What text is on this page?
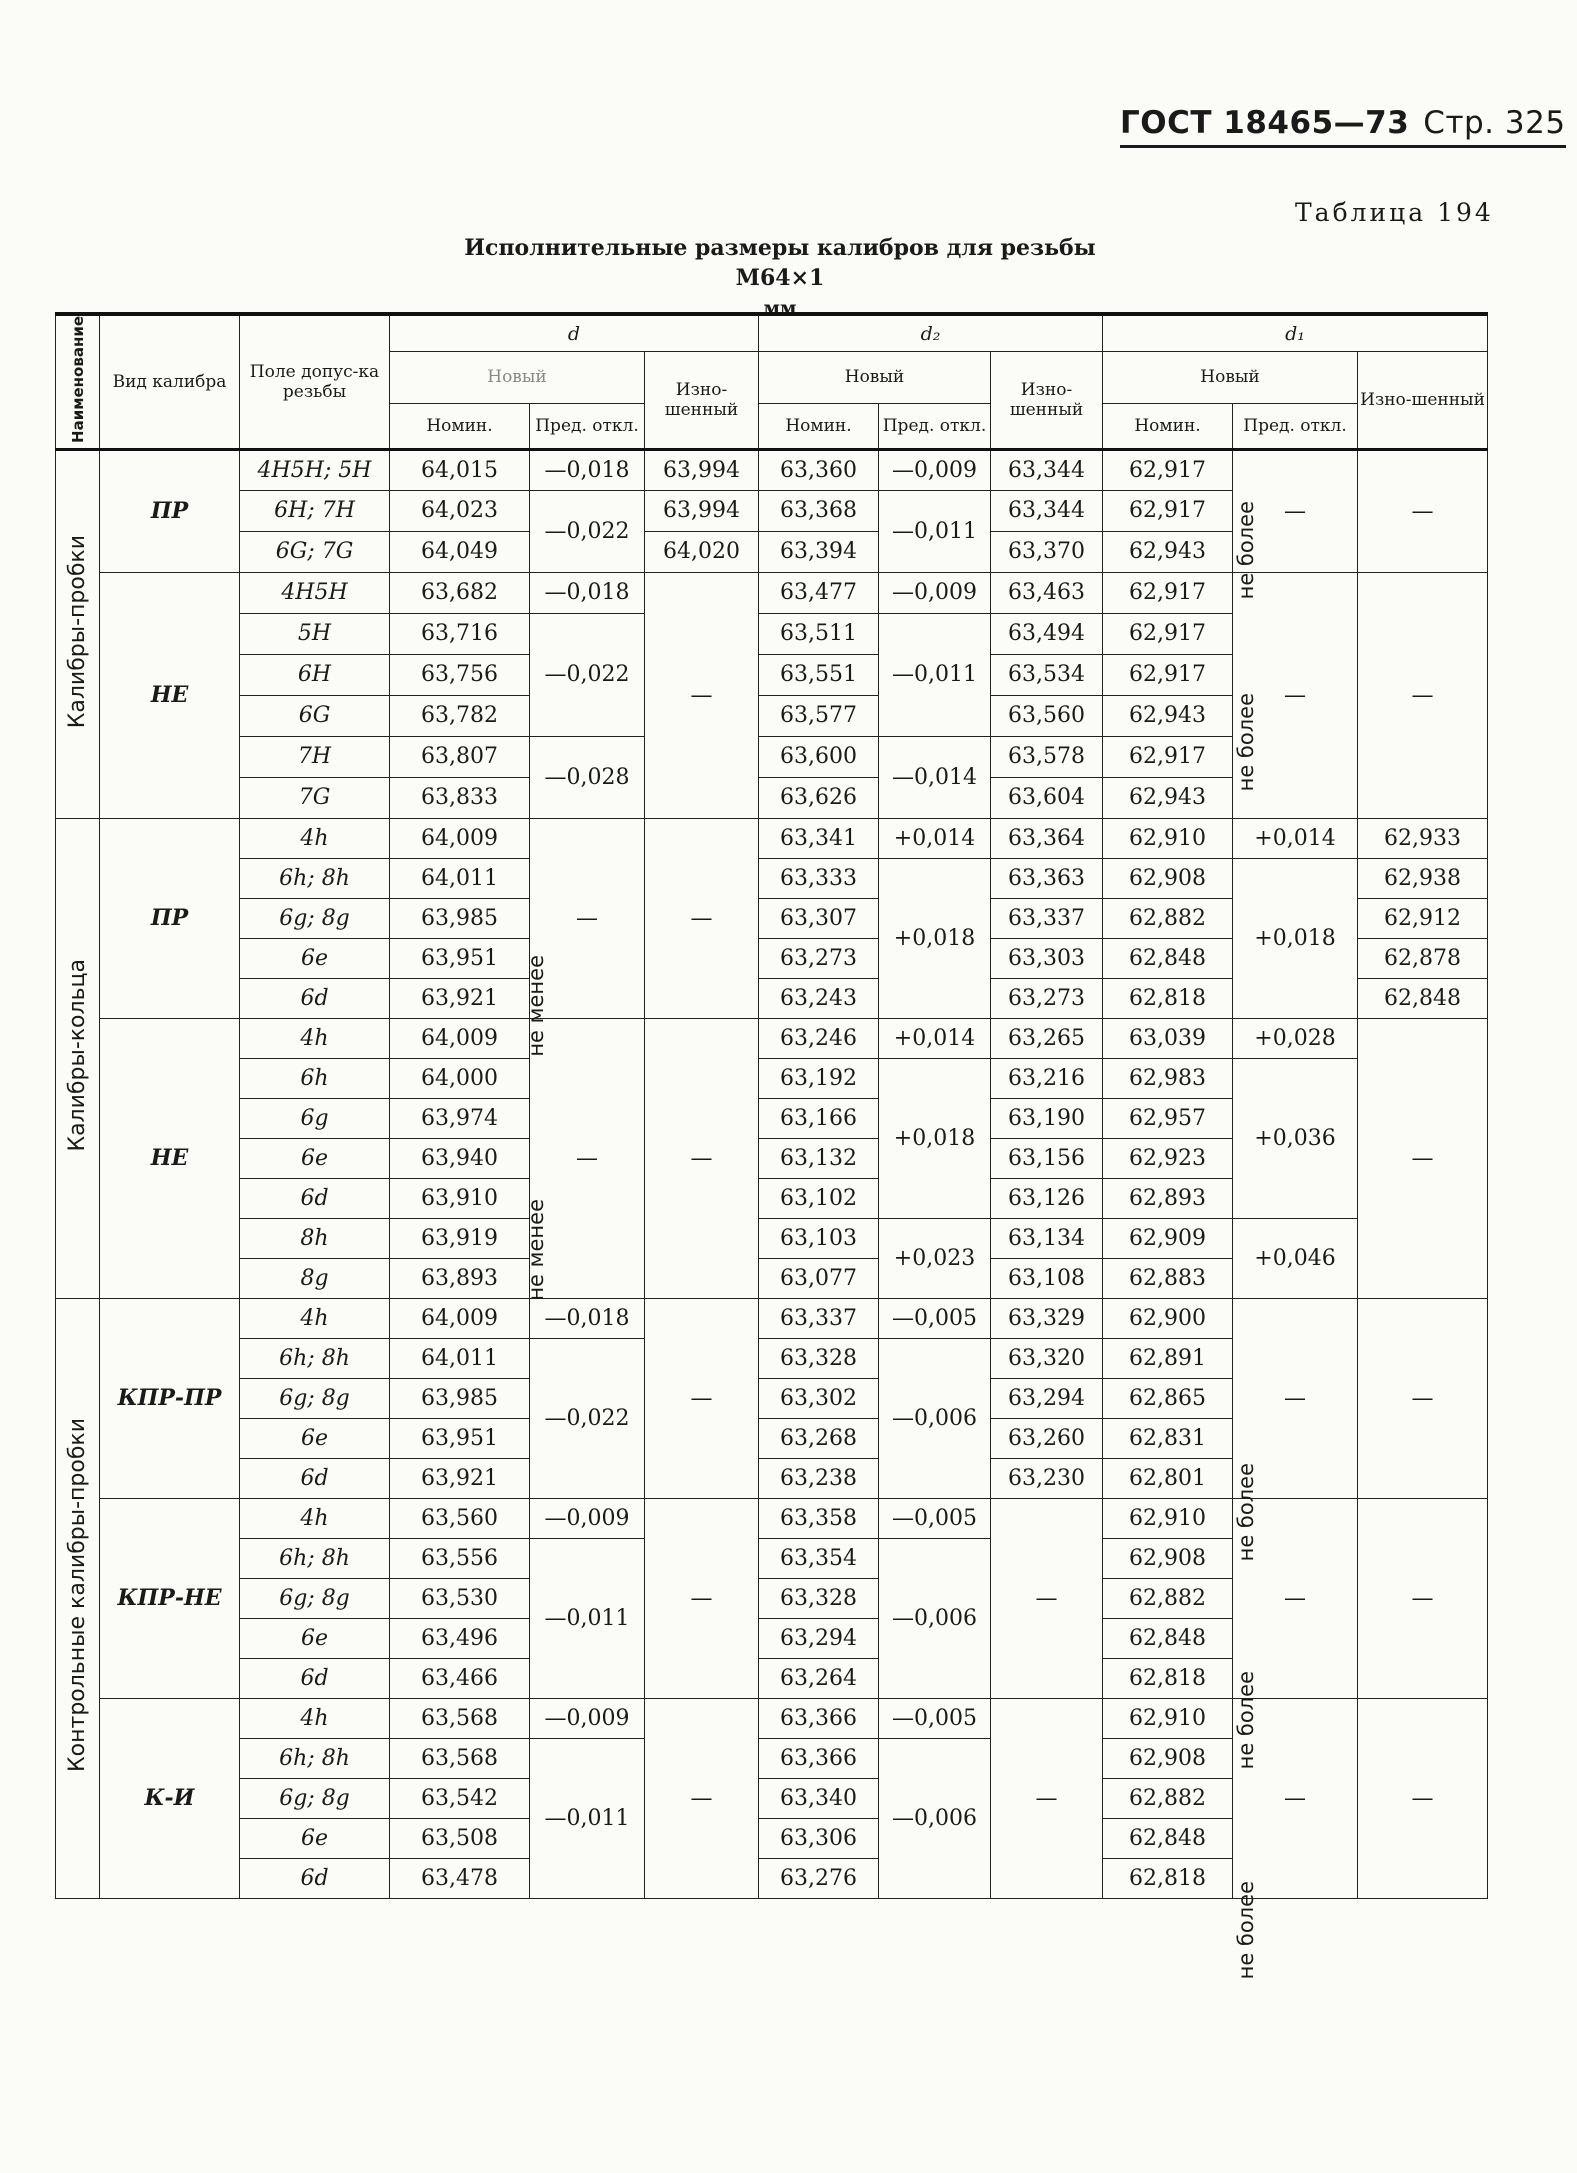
ГОСТ 18465—73 Стр. 325
Таблица 194
Исполнительные размеры калибров для резьбы М64×1
мм
Наименование	Вид калибра	Поле допус-ка резьбы	d			d₂			d₁		
			Новый		Изно-шенный	Новый		Изно-шенный	Новый		Изно-шенный
			Номин.	Пред. откл.		Номин.	Пред. откл.		Номин.	Пред. откл.	
Калибры-пробки	ПР	4H5H; 5H	64,015	—0,018	63,994	63,360	—0,009	63,344	62,917	—	—
		6H; 7H	64,023	—0,022	63,994	63,368	—0,011	63,344	62,917		
		6G; 7G	64,049		64,020	63,394		63,370	62,943		
	НЕ	4H5H	63,682	—0,018	—	63,477	—0,009	63,463	62,917	—	—
		5H	63,716	—0,022		63,511	—0,011	63,494	62,917		
		6H	63,756			63,551		63,534	62,917		
		6G	63,782			63,577		63,560	62,943		
		7H	63,807	—0,028		63,600	—0,014	63,578	62,917		
		7G	63,833			63,626		63,604	62,943		
Калибры-кольца	ПР	4h	64,009	—	—	63,341	+0,014	63,364	62,910	+0,014	62,933
		6h; 8h	64,011			63,333	+0,018	63,363	62,908	+0,018	62,938
		6g; 8g	63,985			63,307		63,337	62,882		62,912
		6e	63,951			63,273		63,303	62,848		62,878
		6d	63,921			63,243		63,273	62,818		62,848
	НЕ	4h	64,009	—	—	63,246	+0,014	63,265	63,039	+0,028	—
		6h	64,000			63,192	+0,018	63,216	62,983	+0,036	
		6g	63,974			63,166		63,190	62,957		
		6e	63,940			63,132		63,156	62,923		
		6d	63,910			63,102		63,126	62,893		
		8h	63,919			63,103	+0,023	63,134	62,909	+0,046	
		8g	63,893			63,077		63,108	62,883		
Контрольные калибры-пробки	КПР-ПР	4h	64,009	—0,018	—	63,337	—0,005	63,329	62,900	—	—
		6h; 8h	64,011	—0,022		63,328	—0,006	63,320	62,891		
		6g; 8g	63,985			63,302		63,294	62,865		
		6e	63,951			63,268		63,260	62,831		
		6d	63,921			63,238		63,230	62,801		
	КПР-НЕ	4h	63,560	—0,009	—	63,358	—0,005	—	62,910	—	—
		6h; 8h	63,556	—0,011		63,354	—0,006		62,908		
		6g; 8g	63,530			63,328			62,882		
		6e	63,496			63,294			62,848		
		6d	63,466			63,264			62,818		
	К-И	4h	63,568	—0,009	—	63,366	—0,005	—	62,910	—	—
		6h; 8h	63,568	—0,011		63,366	—0,006		62,908		
		6g; 8g	63,542			63,340			62,882		
		6e	63,508			63,306			62,848		
		6d	63,478			63,276			62,818		
не более
не более
не менее
не менее
не более
не более
не более
